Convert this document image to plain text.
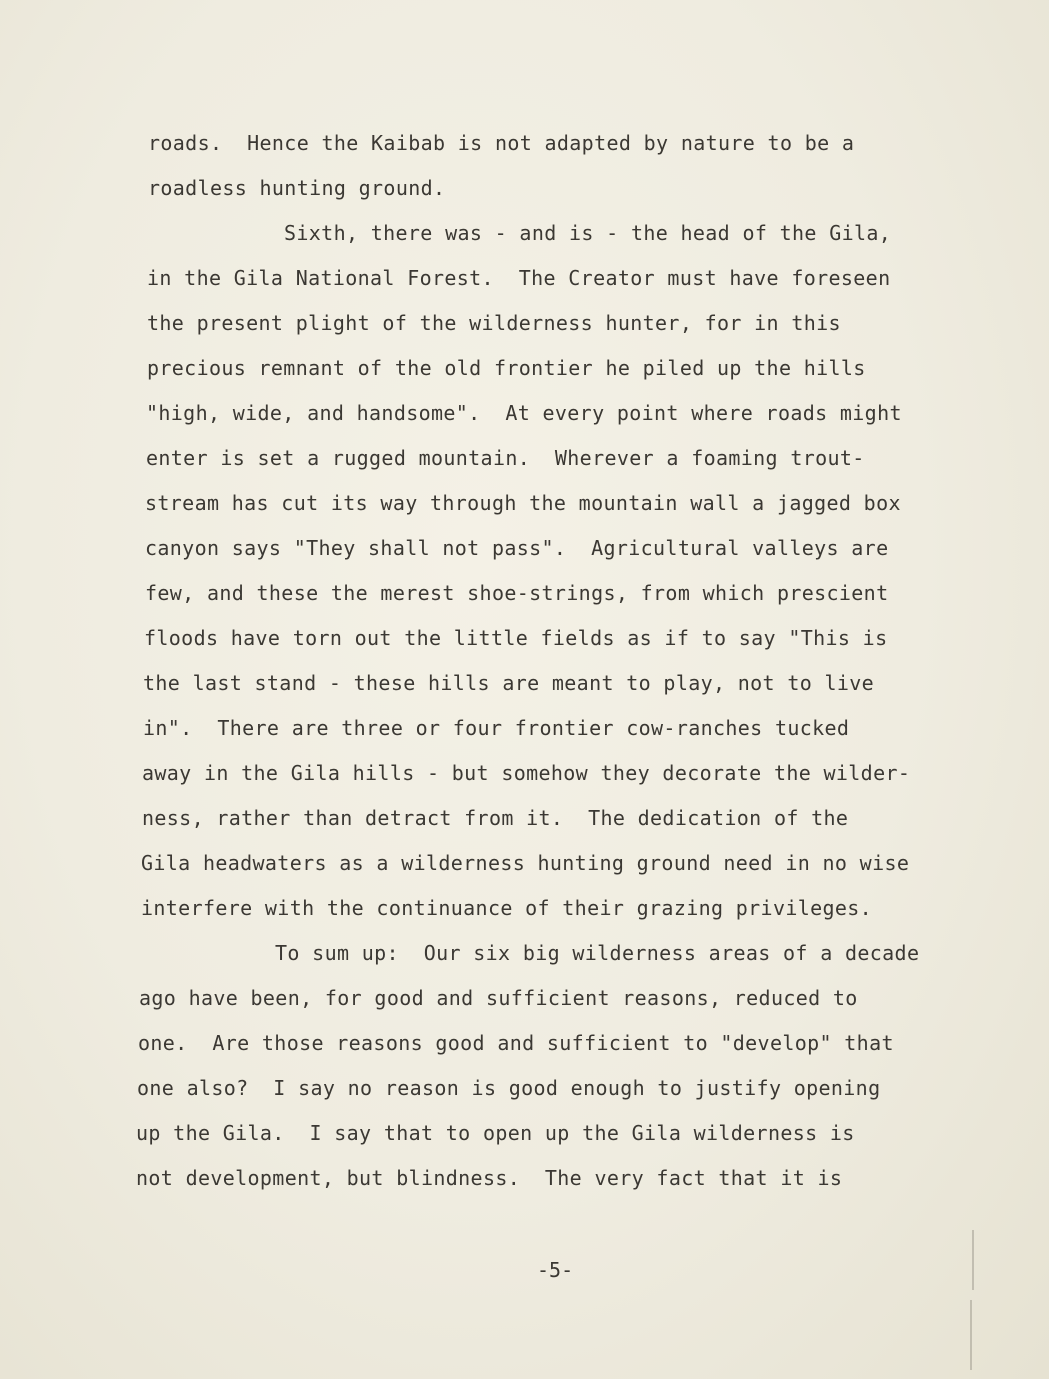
roads.  Hence the Kaibab is not adapted by nature to be a

roadless hunting ground.

Sixth, there was - and is - the head of the Gila,

in the Gila National Forest.  The Creator must have foreseen

the present plight of the wilderness hunter, for in this

precious remnant of the old frontier he piled up the hills

"high, wide, and handsome".  At every point where roads might

enter is set a rugged mountain.  Wherever a foaming trout-

stream has cut its way through the mountain wall a jagged box

canyon says "They shall not pass".  Agricultural valleys are

few, and these the merest shoe-strings, from which prescient

floods have torn out the little fields as if to say "This is

the last stand - these hills are meant to play, not to live

in".  There are three or four frontier cow-ranches tucked

away in the Gila hills - but somehow they decorate the wilder-

ness, rather than detract from it.  The dedication of the

Gila headwaters as a wilderness hunting ground need in no wise

interfere with the continuance of their grazing privileges.

To sum up:  Our six big wilderness areas of a decade

ago have been, for good and sufficient reasons, reduced to

one.  Are those reasons good and sufficient to "develop" that

one also?  I say no reason is good enough to justify opening

up the Gila.  I say that to open up the Gila wilderness is

not development, but blindness.  The very fact that it is

-5-
